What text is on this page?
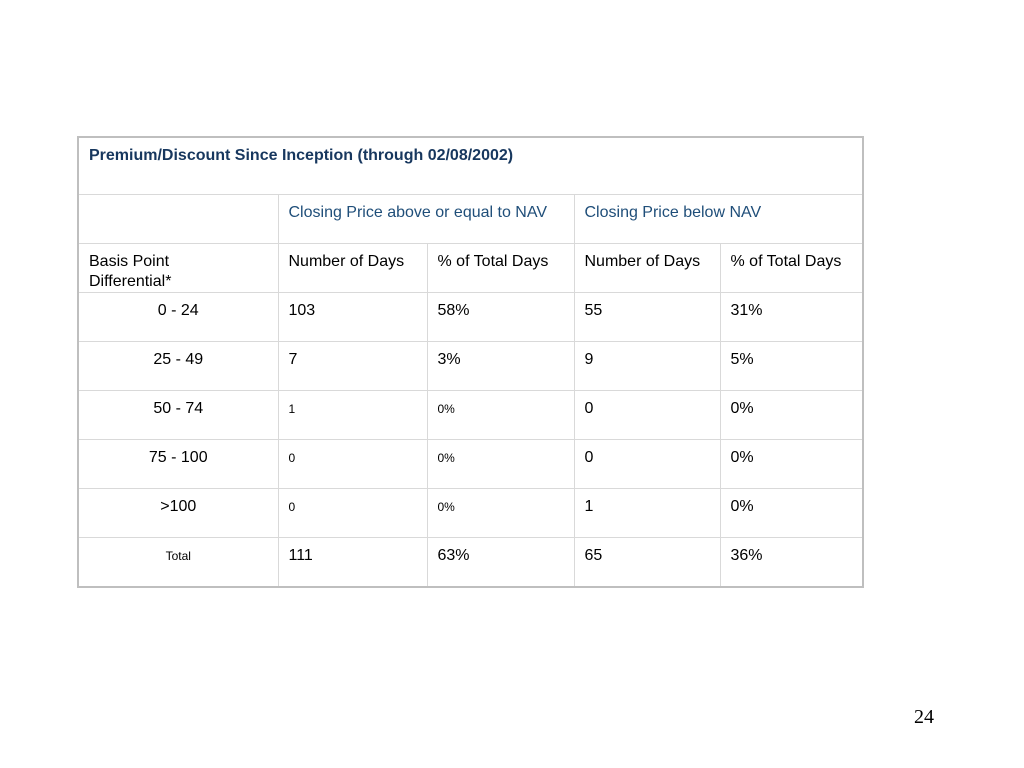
Premium/Discount Since Inception (through 02/08/2002)				
	Closing Price above or equal to NAV		Closing Price below NAV	
Basis Point
Differential*	Number of Days	% of Total Days	Number of Days	% of Total Days
0 - 24	103	58%	55	31%
25 - 49	7	3%	9	5%
50 - 74	1	0%	0	0%
75 - 100	0	0%	0	0%
>100	0	0%	1	0%
Total	111	63%	65	36%
24
